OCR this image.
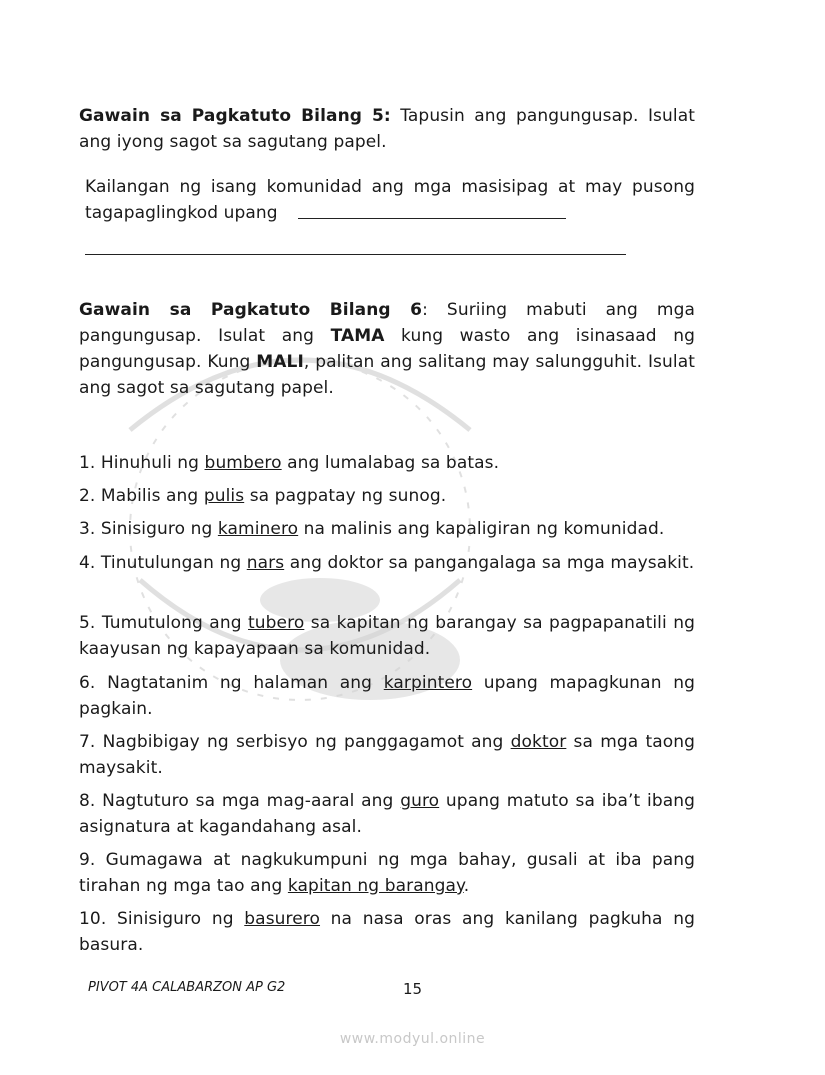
Gawain sa Pagkatuto Bilang 5: Tapusin ang pangungusap. Isulat ang iyong sagot sa sagutang papel.
Kailangan ng isang komunidad ang mga masisipag at may pusong tagapaglingkod upang
Gawain sa Pagkatuto Bilang 6: Suriing mabuti ang mga pangungusap. Isulat ang TAMA kung wasto ang isinasaad ng pangungusap. Kung MALI, palitan ang salitang may salungguhit. Isulat ang sagot sa sagutang papel.
1. Hinuhuli ng bumbero ang lumalabag sa batas.
2. Mabilis ang pulis sa pagpatay ng sunog.
3. Sinisiguro ng kaminero na malinis ang kapaligiran ng komunidad.
4. Tinutulungan ng nars ang doktor sa pangangalaga sa mga maysakit.
5. Tumutulong ang tubero sa kapitan ng barangay sa pagpapanatili ng kaayusan ng kapayapaan sa komunidad.
6. Nagtatanim ng halaman ang karpintero upang mapagkunan ng pagkain.
7. Nagbibigay ng serbisyo ng panggagamot ang doktor sa mga taong maysakit.
8. Nagtuturo sa mga mag-aaral ang guro upang matuto sa iba’t ibang asignatura at kagandahang asal.
9. Gumagawa at nagkukumpuni ng mga bahay, gusali at iba pang tirahan ng mga tao ang kapitan ng barangay.
10. Sinisiguro ng basurero na nasa oras ang kanilang pagkuha ng basura.
PIVOT 4A CALABARZON AP G2	15
www.modyul.online
